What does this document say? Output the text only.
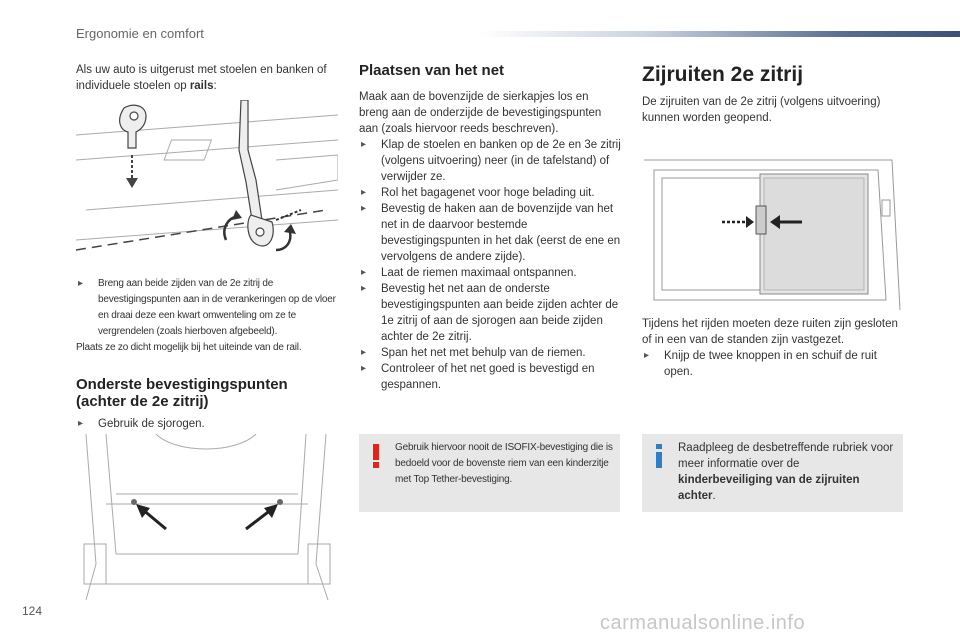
Ergonomie en comfort

Als uw auto is uitgerust met stoelen en banken of individuele stoelen op rails:

▸ Breng aan beide zijden van de 2e zitrij de bevestigingspunten aan in de verankeringen op de vloer en draai deze een kwart omwenteling om ze te vergrendelen (zoals hierboven afgebeeld).

Plaats ze zo dicht mogelijk bij het uiteinde van de rail.

Onderste bevestigingspunten (achter de 2e zitrij)
▸ Gebruik de sjorogen.
Plaatsen van het net

Maak aan de bovenzijde de sierkapjes los en breng aan de onderzijde de bevestigingspunten aan (zoals hiervoor reeds beschreven).

▸ Klap de stoelen en banken op de 2e en 3e zitrij (volgens uitvoering) neer (in de tafelstand) of verwijder ze.
▸ Rol het bagagenet voor hoge belading uit.
▸ Bevestig de haken aan de bovenzijde van het net in de daarvoor bestemde bevestigingspunten in het dak (eerst de ene en vervolgens de andere zijde).
▸ Laat de riemen maximaal ontspannen.
▸ Bevestig het net aan de onderste bevestigingspunten aan beide zijden achter de 1e zitrij of aan de sjorogen aan beide zijden achter de 2e zitrij.
▸ Span het net met behulp van de riemen.
▸ Controleer of het net goed is bevestigd en gespannen.
Gebruik hiervoor nooit de ISOFIX-bevestiging die is bedoeld voor de bovenste riem van een kinderzitje met Top Tether-bevestiging.
Zijruiten 2e zitrij

De zijruiten van de 2e zitrij (volgens uitvoering) kunnen worden geopend.

Tijdens het rijden moeten deze ruiten zijn gesloten of in een van de standen zijn vastgezet.

▸ Knijp de twee knoppen in en schuif de ruit open.
Raadpleeg de desbetreffende rubriek voor meer informatie over de kinderbeveiliging van de zijruiten achter.
124
carmanualsonline.info
